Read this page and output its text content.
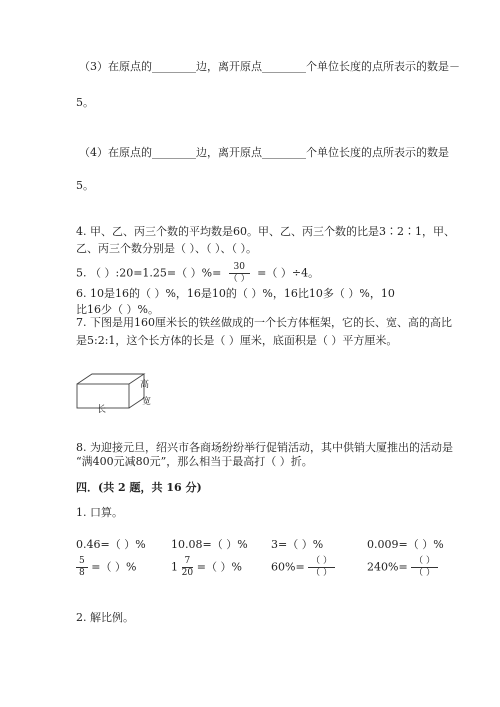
（3）在原点的________边，离开原点________个单位长度的点所表示的数是－
5。
（4）在原点的________边，离开原点________个单位长度的点所表示的数是
5。
4. 甲、乙、丙三个数的平均数是60。甲、乙、丙三个数的比是3∶2∶1，甲、
乙、丙三个数分别是（ ）、（ ）、（ ）。
5. （ ）:20=1.25=（ ）%= $\frac{30}{( )}$ =（ ）÷4。
6. 10是16的（ ）%，16是10的（ ）%，16比10多（ ）%，10
比16少（ ）%。
7. 下图是用160厘米长的铁丝做成的一个长方体框架，它的长、宽、高的高比
是5:2:1，这个长方体的长是（ ）厘米，底面积是（ ）平方厘米。
高
宽
长
8. 为迎接元旦，绍兴市各商场纷纷举行促销活动，其中供销大厦推出的活动是
“满400元减80元”，那么相当于最高打（ ）折。
四．(共 2 题，共 16 分)
1. 口算。
0.46=（ ）% 10.08=（ ）% 3=（ ）%	0.009=（ ）%
$\frac{5}{8}$ =（ ）%	$1 \frac{7}{20}$ =（ ）%	$60\%= \frac{( )}{( )}$	$240\%= \frac{( )}{( )}$
2. 解比例。
